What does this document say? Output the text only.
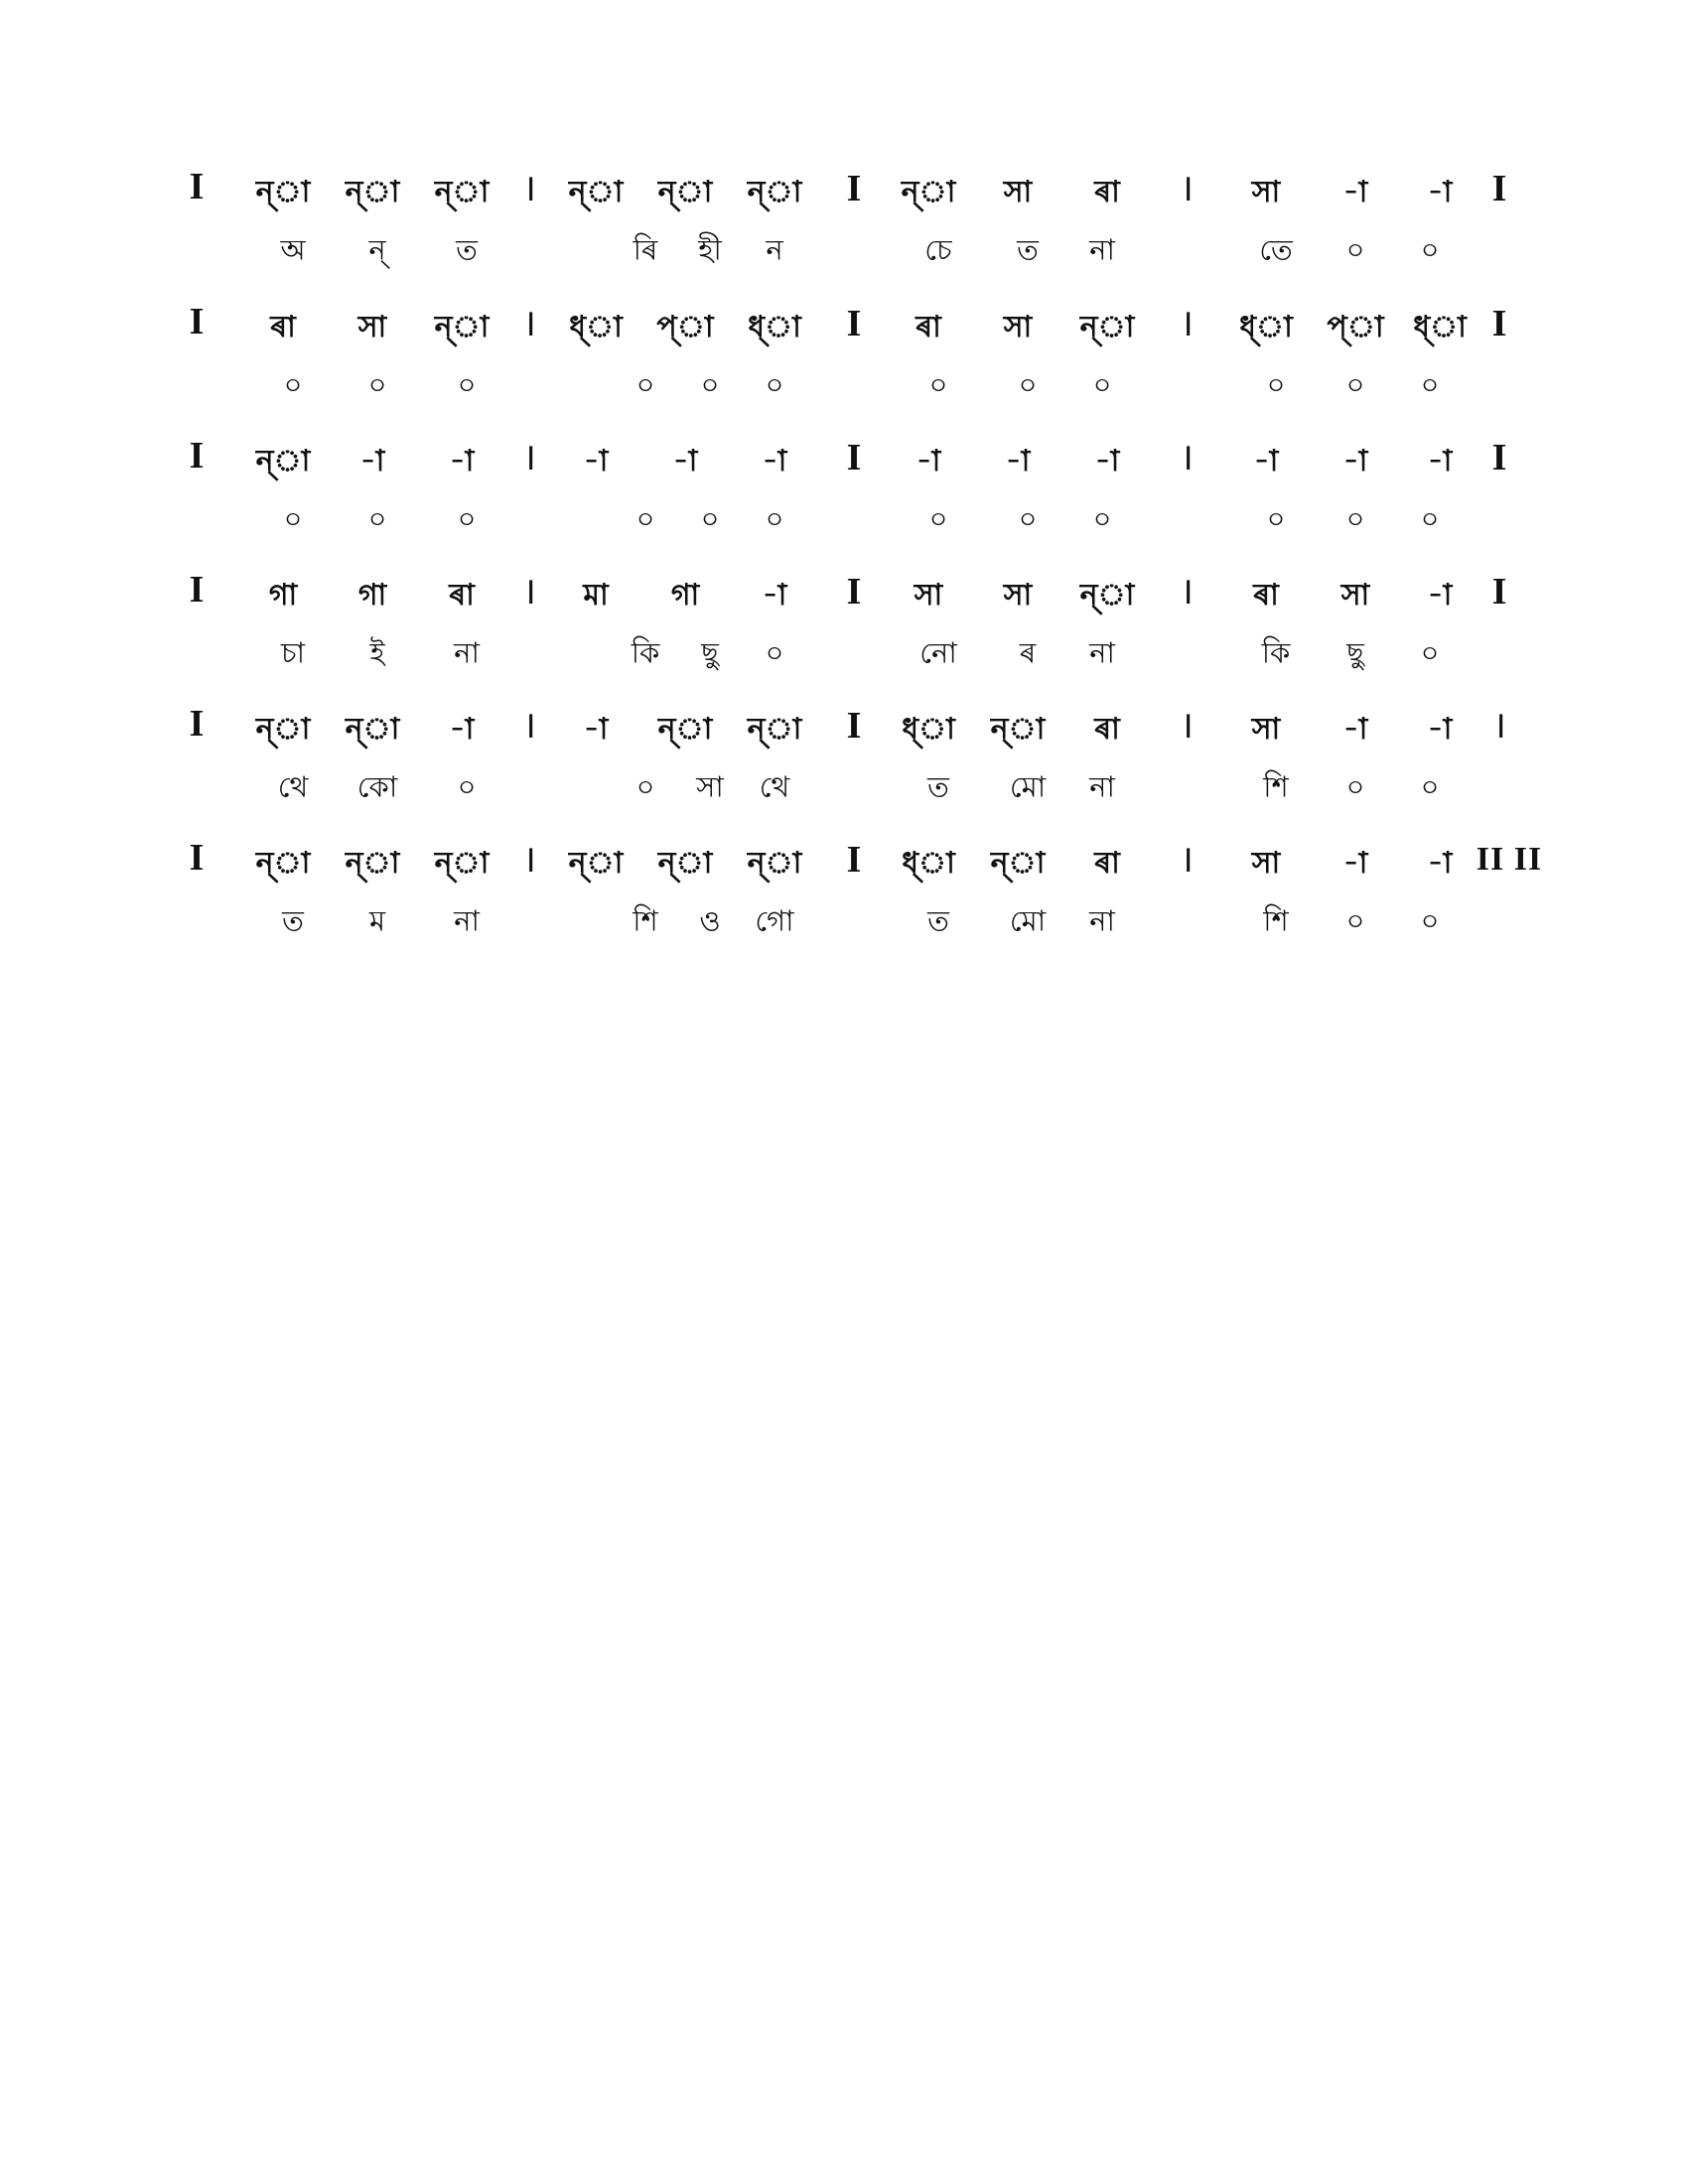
I ন্া ন্া ন্া
অ ন্ ত
। ন্া ন্া ন্া
ৰি হী ন
I ন্া সা ৰা
চে ত না
। সা -া -া
তে ০ ০
I
I ৰা সা ন্া
০ ০ ০
। ধ্া প্া ধ্া
০ ০ ০
I ৰা সা ন্া
০ ০ ০
। ধ্া প্া ধ্া
০ ০ ০
I
I ন্া -া -া
০ ০ ০
। -া -া -া
০ ০ ০
I -া -া -া
০ ০ ০
। -া -া -া
০ ০ ০
I
I গা গা ৰা
চা ই না
। মা গা -া
কি ছু ০
I সা সা ন্া
নো ৰ না
। ৰা সা -া
কি ছু ০
I
I ন্া ন্া -া
থে কো ০
। -া ন্া ন্া
০ সা থে
I ধ্া ন্া ৰা
ত মো না
। সা -া -া
শি ০ ০
।
I ন্া ন্া ন্া
ত ম না
। ন্া ন্া ন্া
শি ও গো
I ধ্া ন্া ৰা
ত মো না
। সা -া -া
শি ০ ০
II II
